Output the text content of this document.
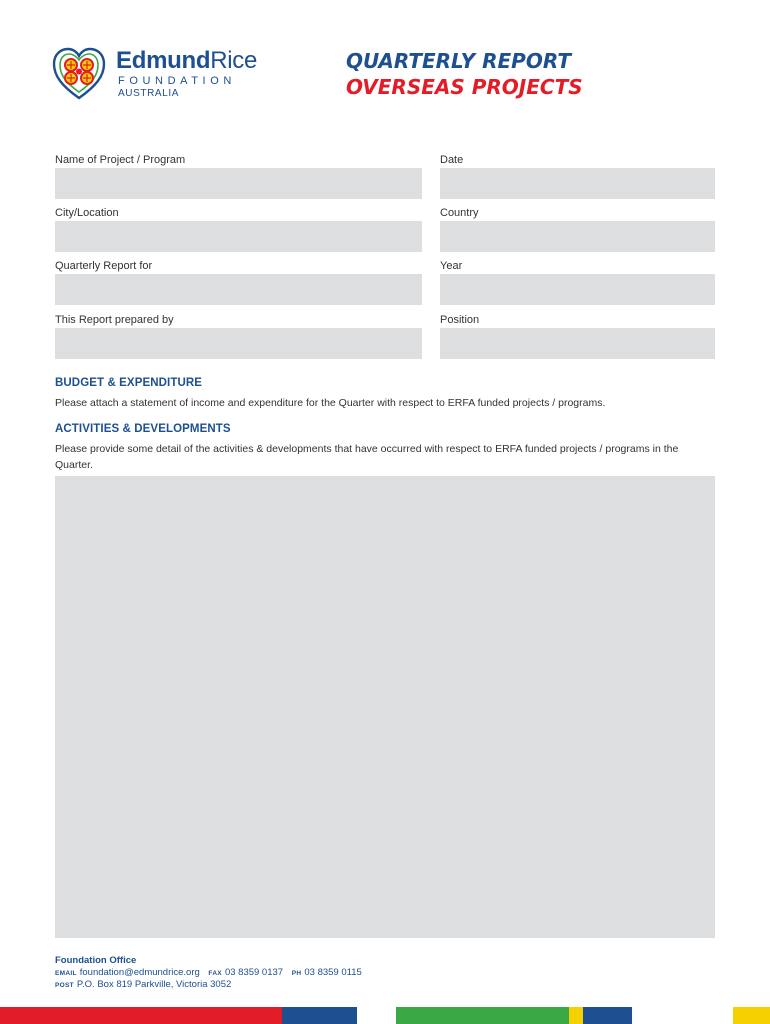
EdmundRice
FOUNDATION
AUSTRALIA
QUARTERLY REPORT
OVERSEAS PROJECTS
Name of Project / Program	Date
City/Location	Country
Quarterly Report for	Year
This Report prepared by	Position
BUDGET & EXPENDITURE
Please attach a statement of income and expenditure for the Quarter with respect to ERFA funded projects / programs.
ACTIVITIES & DEVELOPMENTS
Please provide some detail of the activities & developments that have occurred with respect to ERFA funded projects / programs in the Quarter.
Foundation Office
EMAIL foundation@edmundrice.org FAX 03 8359 0137 PH 03 8359 0115
POST P.O. Box 819 Parkville, Victoria 3052
